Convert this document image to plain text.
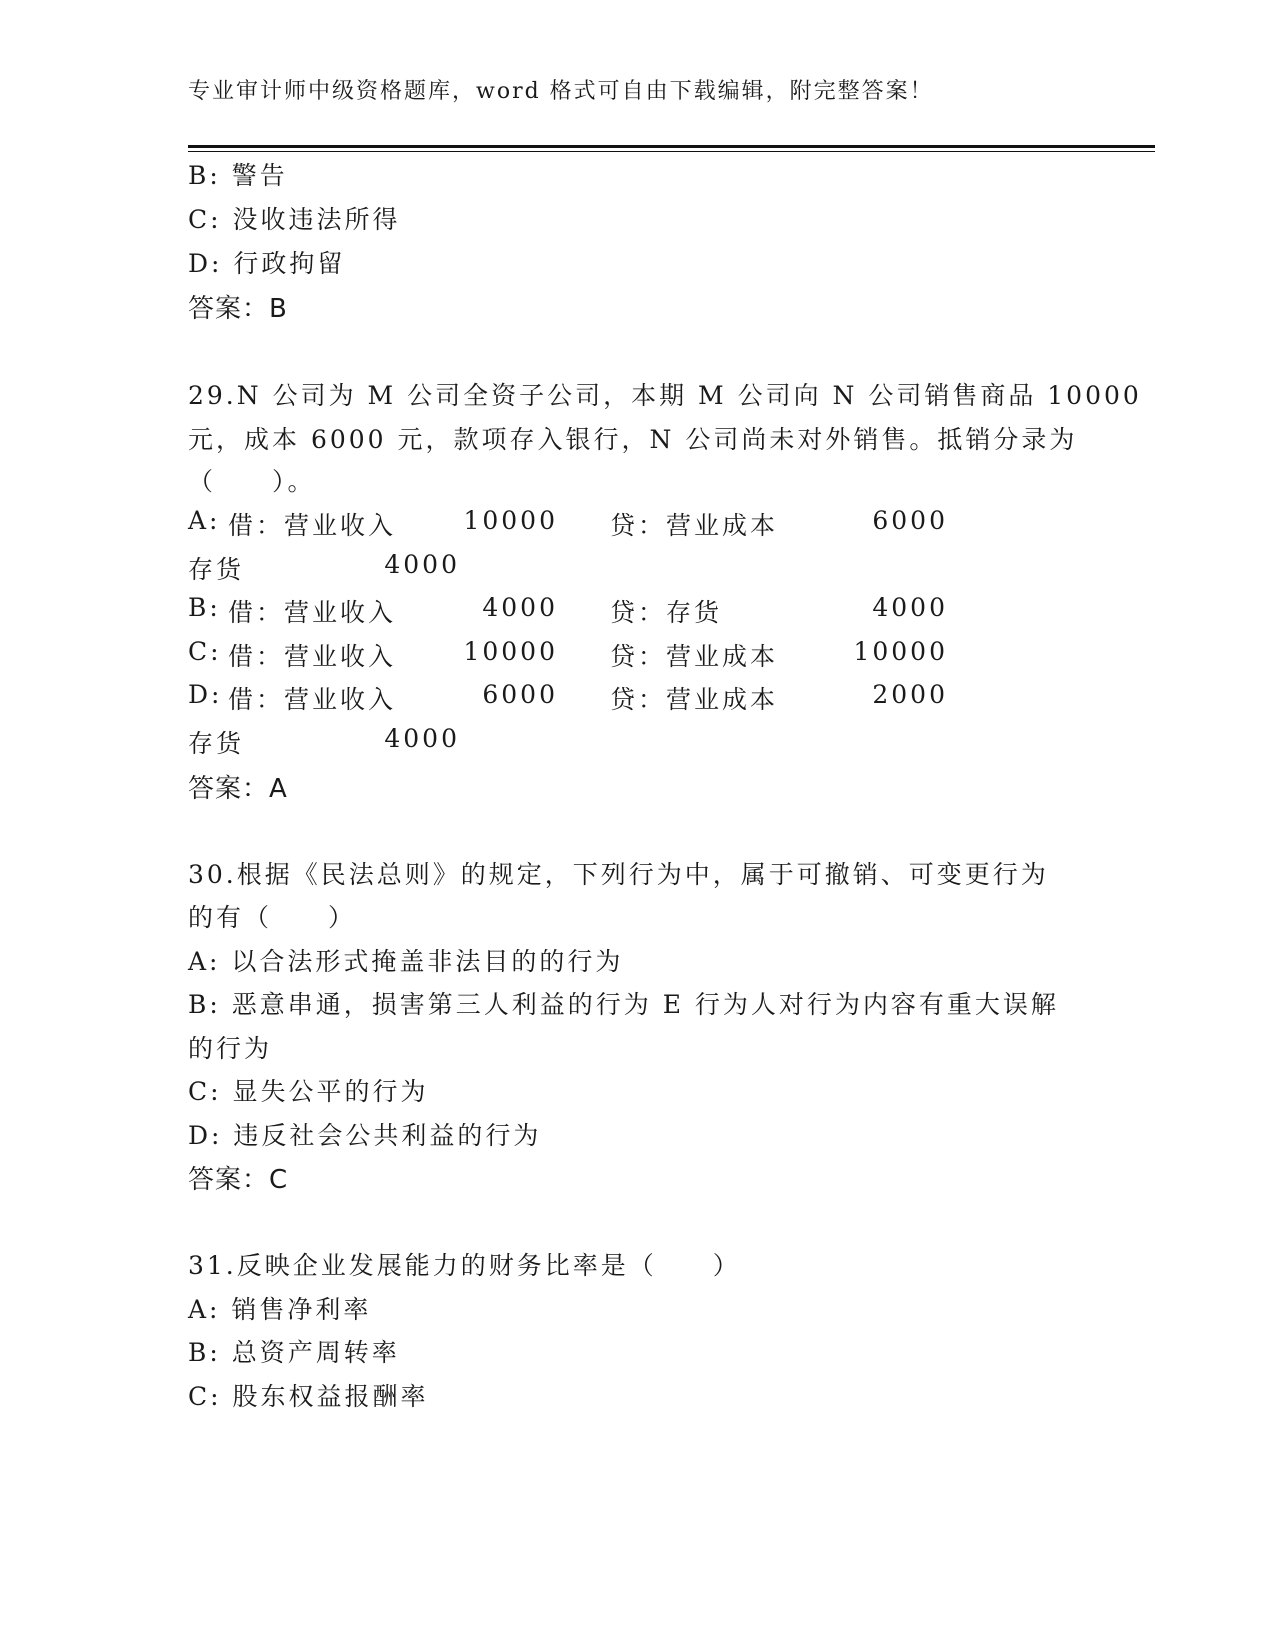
专业审计师中级资格题库，word 格式可自由下载编辑，附完整答案！
B: 警告
C: 没收违法所得
D: 行政拘留
答案：B
29.N 公司为 M 公司全资子公司，本期 M 公司向 N 公司销售商品 10000
元，成本 6000 元，款项存入银行，N 公司尚未对外销售。抵销分录为
（　　）。
A: 借：营业收入	10000 贷：营业成本	6000
存货	4000
B: 借：营业收入	4000 贷：存货	4000
C: 借：营业收入	10000 贷：营业成本	10000
D: 借：营业收入	6000 贷：营业成本	2000
存货	4000
答案：A
30.根据《民法总则》的规定，下列行为中，属于可撤销、可变更行为
的有（　　）
A: 以合法形式掩盖非法目的的行为
B: 恶意串通，损害第三人利益的行为 E 行为人对行为内容有重大误解
的行为
C: 显失公平的行为
D: 违反社会公共利益的行为
答案：C
31.反映企业发展能力的财务比率是（　　）
A: 销售净利率
B: 总资产周转率
C: 股东权益报酬率
